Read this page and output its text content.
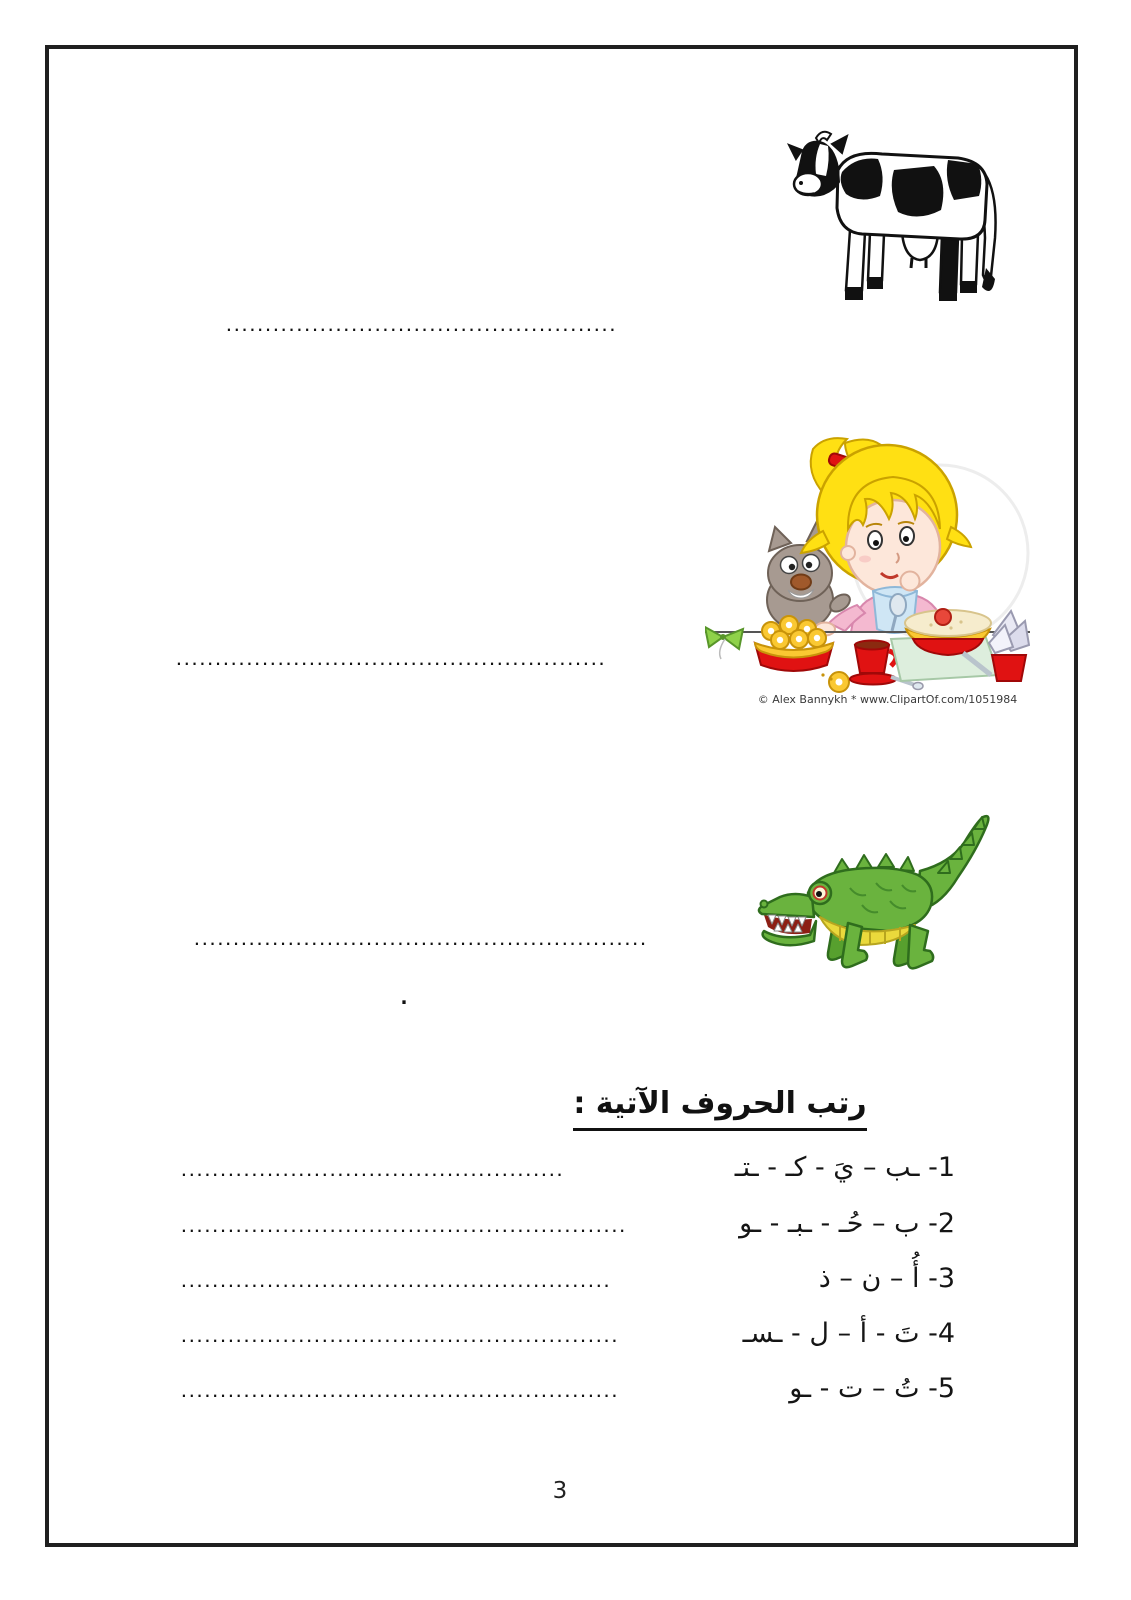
..................................................
© Alex Bannykh * www.ClipartOf.com/1051984
.......................................................
..........................................................
.
رتب الحروف الآتية :
1- ـب – يَ - كـ - ـتـ
.................................................
2- ب – حُـ - ـبـ - ـو
.........................................................
3- أُ – ن – ذ
.......................................................
4- تَ - أ – ل - ـسـ
........................................................
5- تُ – ت - ـو
........................................................
3
